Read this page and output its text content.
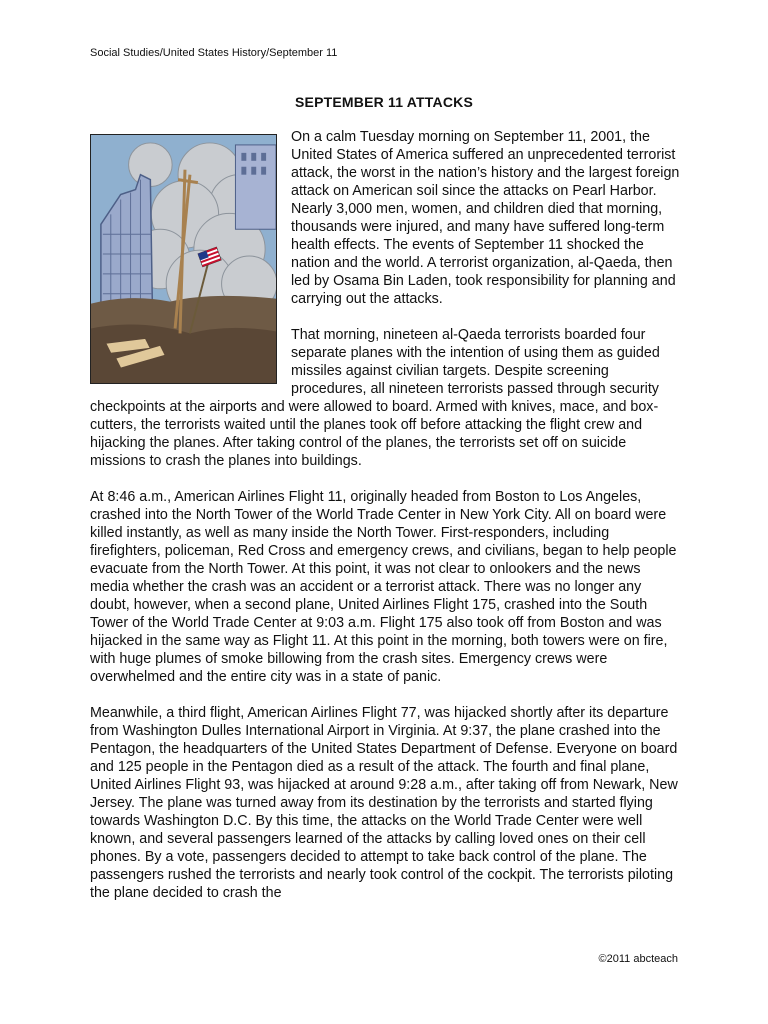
Social Studies/United States History/September 11
SEPTEMBER 11 ATTACKS

On a calm Tuesday morning on September 11, 2001, the United States of America suffered an unprecedented terrorist attack, the worst in the nation’s history and the largest foreign attack on American soil since the attacks on Pearl Harbor. Nearly 3,000 men, women, and children died that morning, thousands were injured, and many have suffered long-term health effects. The events of September 11 shocked the nation and the world. A terrorist organization, al-Qaeda, then led by Osama Bin Laden, took responsibility for planning and carrying out the attacks.

That morning, nineteen al-Qaeda terrorists boarded four separate planes with the intention of using them as guided missiles against civilian targets. Despite screening procedures, all nineteen terrorists passed through security checkpoints at the airports and were allowed to board. Armed with knives, mace, and box-cutters, the terrorists waited until the planes took off before attacking the flight crew and hijacking the planes. After taking control of the planes, the terrorists set off on suicide missions to crash the planes into buildings.

At 8:46 a.m., American Airlines Flight 11, originally headed from Boston to Los Angeles, crashed into the North Tower of the World Trade Center in New York City. All on board were killed instantly, as well as many inside the North Tower. First-responders, including firefighters, policeman, Red Cross and emergency crews, and civilians, began to help people evacuate from the North Tower. At this point, it was not clear to onlookers and the news media whether the crash was an accident or a terrorist attack. There was no longer any doubt, however, when a second plane, United Airlines Flight 175, crashed into the South Tower of the World Trade Center at 9:03 a.m. Flight 175 also took off from Boston and was hijacked in the same way as Flight 11. At this point in the morning, both towers were on fire, with huge plumes of smoke billowing from the crash sites. Emergency crews were overwhelmed and the entire city was in a state of panic.

Meanwhile, a third flight, American Airlines Flight 77, was hijacked shortly after its departure from Washington Dulles International Airport in Virginia. At 9:37, the plane crashed into the Pentagon, the headquarters of the United States Department of Defense. Everyone on board and 125 people in the Pentagon died as a result of the attack. The fourth and final plane, United Airlines Flight 93, was hijacked at around 9:28 a.m., after taking off from Newark, New Jersey. The plane was turned away from its destination by the terrorists and started flying towards Washington D.C. By this time, the attacks on the World Trade Center were well known, and several passengers learned of the attacks by calling loved ones on their cell phones. By a vote, passengers decided to attempt to take back control of the plane. The passengers rushed the terrorists and nearly took control of the cockpit. The terrorists piloting the plane decided to crash the

©2011 abcteach
